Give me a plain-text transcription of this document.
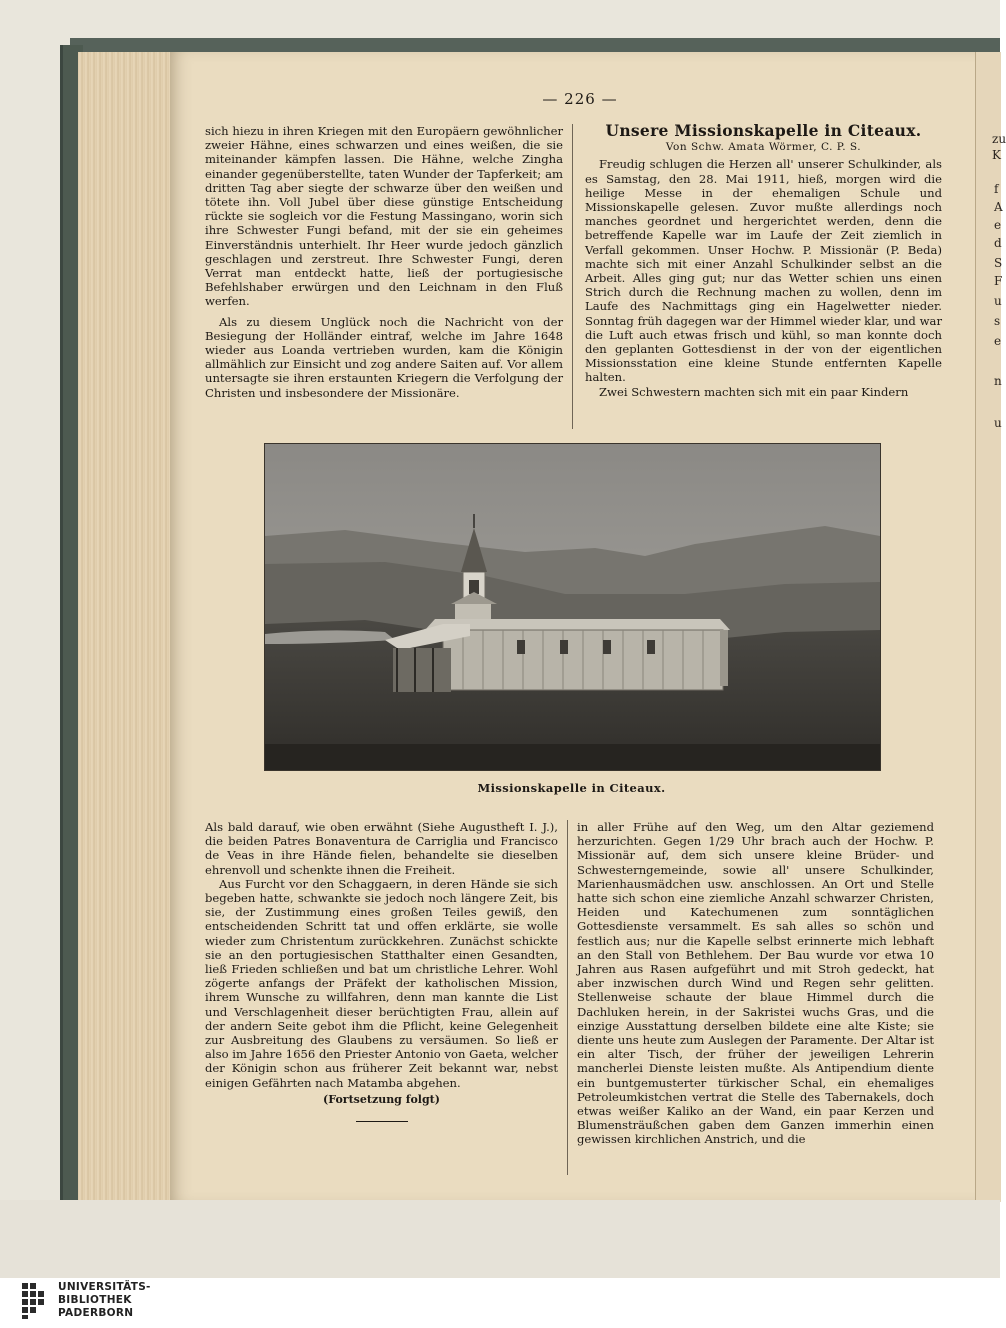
zu
K
f
A
e
d
S
F
u
s
e
n
u
— 226 —

sich hiezu in ihren Kriegen mit den Europäern gewöhnlicher zweier Hähne, eines schwarzen und eines weißen, die sie miteinander kämpfen lassen. Die Hähne, welche Zingha einander gegenüberstellte, taten Wunder der Tapferkeit; am dritten Tag aber siegte der schwarze über den weißen und tötete ihn. Voll Jubel über diese günstige Entscheidung rückte sie sogleich vor die Festung Massingano, worin sich ihre Schwester Fungi befand, mit der sie ein geheimes Einverständnis unterhielt. Ihr Heer wurde jedoch gänzlich geschlagen und zerstreut. Ihre Schwester Fungi, deren Verrat man entdeckt hatte, ließ der portugiesische Befehlshaber erwürgen und den Leichnam in den Fluß werfen.

Als zu diesem Unglück noch die Nachricht von der Besiegung der Holländer eintraf, welche im Jahre 1648 wieder aus Loanda vertrieben wurden, kam die Königin allmählich zur Einsicht und zog andere Saiten auf. Vor allem untersagte sie ihren erstaunten Kriegern die Verfolgung der Christen und insbesondere der Missionäre.

Unsere Missionskapelle in Citeaux.
Von Schw. Amata Wörmer, C. P. S.

Freudig schlugen die Herzen all' unserer Schulkinder, als es Samstag, den 28. Mai 1911, hieß, morgen wird die heilige Messe in der ehemaligen Schule und Missionskapelle gelesen. Zuvor mußte allerdings noch manches geordnet und hergerichtet werden, denn die betreffende Kapelle war im Laufe der Zeit ziemlich in Verfall gekommen. Unser Hochw. P. Missionär (P. Beda) machte sich mit einer Anzahl Schulkinder selbst an die Arbeit. Alles ging gut; nur das Wetter schien uns einen Strich durch die Rechnung machen zu wollen, denn im Laufe des Nachmittags ging ein Hagelwetter nieder. Sonntag früh dagegen war der Himmel wieder klar, und war die Luft auch etwas frisch und kühl, so man konnte doch den geplanten Gottesdienst in der von der eigentlichen Missionsstation eine kleine Stunde entfernten Kapelle halten.

Zwei Schwestern machten sich mit ein paar Kindern

Missionskapelle in Citeaux.

Als bald darauf, wie oben erwähnt (Siehe Augustheft I. J.), die beiden Patres Bonaventura de Carriglia und Francisco de Veas in ihre Hände fielen, behandelte sie dieselben ehrenvoll und schenkte ihnen die Freiheit.

Aus Furcht vor den Schaggaern, in deren Hände sie sich begeben hatte, schwankte sie jedoch noch längere Zeit, bis sie, der Zustimmung eines großen Teiles gewiß, den entscheidenden Schritt tat und offen erklärte, sie wolle wieder zum Christentum zurückkehren. Zunächst schickte sie an den portugiesischen Statthalter einen Gesandten, ließ Frieden schließen und bat um christliche Lehrer. Wohl zögerte anfangs der Präfekt der katholischen Mission, ihrem Wunsche zu willfahren, denn man kannte die List und Verschlagenheit dieser berüchtigten Frau, allein auf der andern Seite gebot ihm die Pflicht, keine Gelegenheit zur Ausbreitung des Glaubens zu versäumen. So ließ er also im Jahre 1656 den Priester Antonio von Gaeta, welcher der Königin schon aus früherer Zeit bekannt war, nebst einigen Gefährten nach Matamba abgehen.

(Fortsetzung folgt)

in aller Frühe auf den Weg, um den Altar geziemend herzurichten. Gegen 1/29 Uhr brach auch der Hochw. P. Missionär auf, dem sich unsere kleine Brüder- und Schwesterngemeinde, sowie all' unsere Schulkinder, Marienhausmädchen usw. anschlossen. An Ort und Stelle hatte sich schon eine ziemliche Anzahl schwarzer Christen, Heiden und Katechumenen zum sonntäglichen Gottesdienste versammelt. Es sah alles so schön und festlich aus; nur die Kapelle selbst erinnerte mich lebhaft an den Stall von Bethlehem. Der Bau wurde vor etwa 10 Jahren aus Rasen aufgeführt und mit Stroh gedeckt, hat aber inzwischen durch Wind und Regen sehr gelitten. Stellenweise schaute der blaue Himmel durch die Dachluken herein, in der Sakristei wuchs Gras, und die einzige Ausstattung derselben bildete eine alte Kiste; sie diente uns heute zum Auslegen der Paramente. Der Altar ist ein alter Tisch, der früher der jeweiligen Lehrerin mancherlei Dienste leisten mußte. Als Antipendium diente ein buntgemusterter türkischer Schal, ein ehemaliges Petroleumkistchen vertrat die Stelle des Tabernakels, doch etwas weißer Kaliko an der Wand, ein paar Kerzen und Blumensträußchen gaben dem Ganzen immerhin einen gewissen kirchlichen Anstrich, und die

UNIVERSITÄTS-
BIBLIOTHEK
PADERBORN
